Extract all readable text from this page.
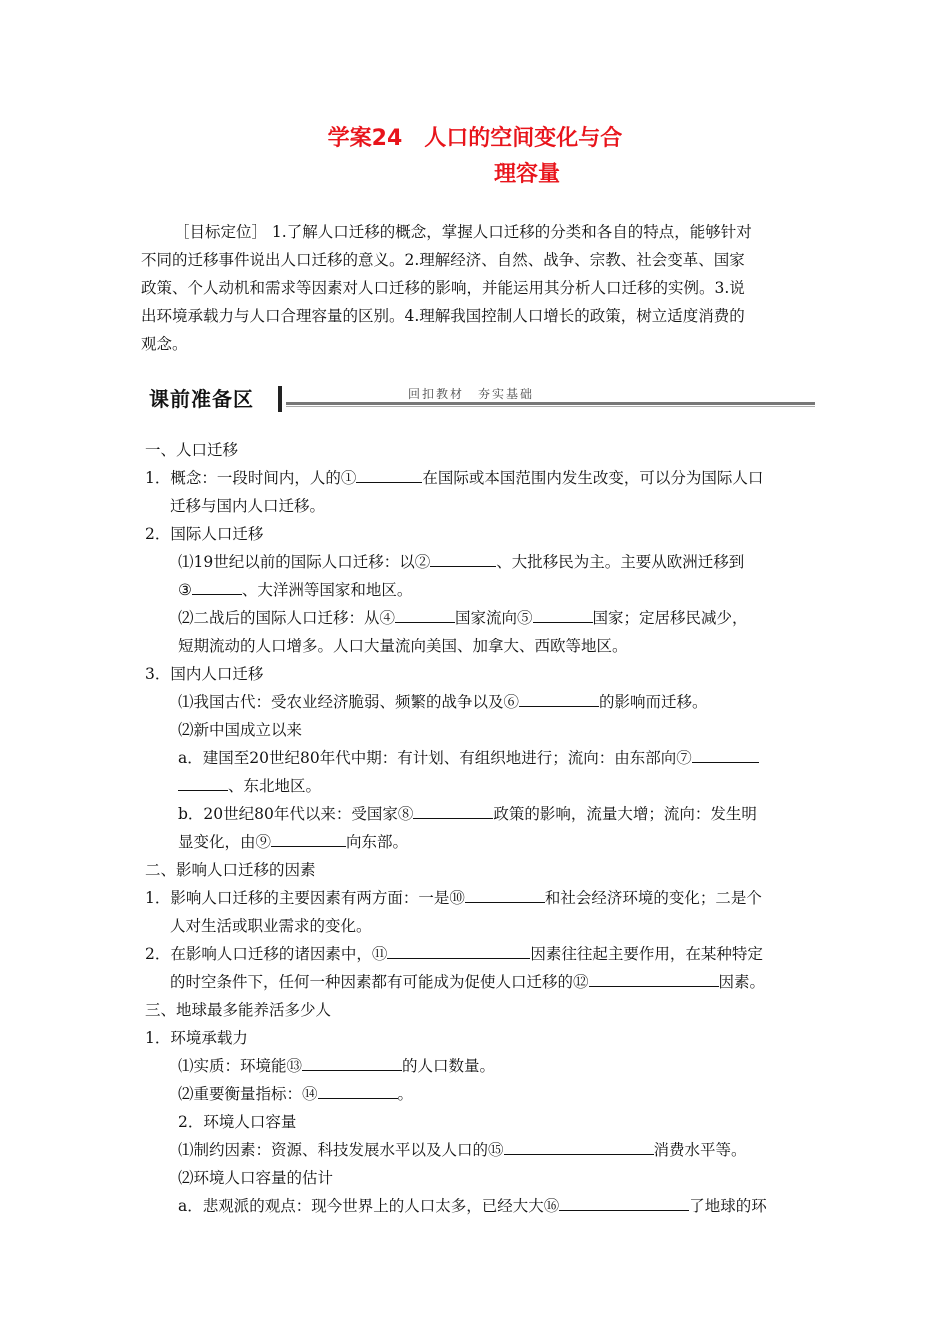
学案24 人口的空间变化与合
理容量
［目标定位］ 1.了解人口迁移的概念，掌握人口迁移的分类和各自的特点，能够针对
不同的迁移事件说出人口迁移的意义。2.理解经济、自然、战争、宗教、社会变革、国家
政策、个人动机和需求等因素对人口迁移的影响，并能运用其分析人口迁移的实例。3.说
出环境承载力与人口合理容量的区别。4.理解我国控制人口增长的政策，树立适度消费的
观念。
课前准备区	回扣教材　夯实基础
一、人口迁移
1．概念：一段时间内，人的①	在国际或本国范围内发生改变，可以分为国际人口
迁移与国内人口迁移。
2．国际人口迁移
⑴19世纪以前的国际人口迁移：以②	、大批移民为主。主要从欧洲迁移到
③	、大洋洲等国家和地区。
⑵二战后的国际人口迁移：从④	国家流向⑤	国家；定居移民减少，
短期流动的人口增多。人口大量流向美国、加拿大、西欧等地区。
3．国内人口迁移
⑴我国古代：受农业经济脆弱、频繁的战争以及⑥	的影响而迁移。
⑵新中国成立以来
a．建国至20世纪80年代中期：有计划、有组织地进行；流向：由东部向⑦
、东北地区。
b．20世纪80年代以来：受国家⑧	政策的影响，流量大增；流向：发生明
显变化，由⑨	向东部。
二、影响人口迁移的因素
1．影响人口迁移的主要因素有两方面：一是⑩	和社会经济环境的变化；二是个
人对生活或职业需求的变化。
2．在影响人口迁移的诸因素中，⑪	因素往往起主要作用，在某种特定
的时空条件下，任何一种因素都有可能成为促使人口迁移的⑫	因素。
三、地球最多能养活多少人
1．环境承载力
⑴实质：环境能⑬	的人口数量。
⑵重要衡量指标：⑭	。
2．环境人口容量
⑴制约因素：资源、科技发展水平以及人口的⑮	消费水平等。
⑵环境人口容量的估计
a．悲观派的观点：现今世界上的人口太多，已经大大⑯	了地球的环
